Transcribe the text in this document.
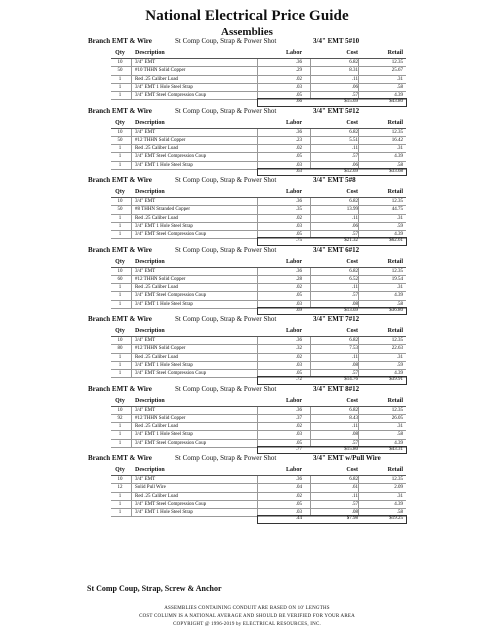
National Electrical Price Guide
Assemblies
Branch EMT & Wire	St Comp Coup, Strap & Power Shot	3/4" EMT 5#10
Qty	Description	Labor	Cost	Retail
10	3/4" EMT	.36	6.82	12.35
50	#10 THHN Solid Copper	.29	8.31	25.67
1	Red .25 Caliber Load	.02	.11	.31
1	3/4" EMT 1 Hole Steel Strap	.03	.06	.58
1	3/4" EMT Steel Compression Coup	.05	.57	4.39
.66	$15.69	$43.80
Branch EMT & Wire	St Comp Coup, Strap & Power Shot	3/4" EMT 5#12
Qty	Description	Labor	Cost	Retail
10	3/4" EMT	.36	6.82	12.35
50	#12 THHN Solid Copper	.23	5.51	16.42
1	Red .25 Caliber Load	.02	.11	.31
1	3/4" EMT Steel Compression Coup	.05	.57	4.39
1	3/4" EMT 1 Hole Steel Strap	.03	.06	.58
.63	$12.69	$33.68
Branch EMT & Wire	St Comp Coup, Strap & Power Shot	3/4" EMT 5#8
Qty	Description	Labor	Cost	Retail
10	3/4" EMT	.36	6.82	12.35
50	#8 THHN Stranded Copper	.35	13.99	44.75
1	Red .25 Caliber Load	.02	.11	.31
1	3/4" EMT 1 Hole Steel Strap	.03	.06	.59
1	3/4" EMT Steel Compression Coup	.05	.57	4.39
.75	$21.32	$62.61
Branch EMT & Wire	St Comp Coup, Strap & Power Shot	3/4" EMT 6#12
Qty	Description	Labor	Cost	Retail
10	3/4" EMT	.36	6.82	12.35
60	#12 THHN Solid Copper	.28	6.52	19.54
1	Red .25 Caliber Load	.02	.11	.31
1	3/4" EMT Steel Compression Coup	.05	.57	4.39
1	3/4" EMT 1 Hole Steel Strap	.03	.08	.58
.69	$13.69	$36.80
Branch EMT & Wire	St Comp Coup, Strap & Power Shot	3/4" EMT 7#12
Qty	Description	Labor	Cost	Retail
10	3/4" EMT	.36	6.82	12.35
80	#12 THHN Solid Copper	.32	7.53	22.63
1	Red .25 Caliber Load	.02	.11	.31
1	3/4" EMT 1 Hole Steel Strap	.03	.08	.59
1	3/4" EMT Steel Compression Coup	.05	.57	4.39
.72	$14.76	$39.91
Branch EMT & Wire	St Comp Coup, Strap & Power Shot	3/4" EMT 8#12
Qty	Description	Labor	Cost	Retail
10	3/4" EMT	.36	6.82	12.35
92	#12 THHN Solid Copper	.37	8.43	26.05
1	Red .25 Caliber Load	.02	.11	.31
1	3/4" EMT 1 Hole Steel Strap	.03	.08	.58
1	3/4" EMT Steel Compression Coup	.05	.57	4.39
.77	$15.80	$43.31
Branch EMT & Wire	St Comp Coup, Strap & Power Shot	3/4" EMT w/Pull Wire
Qty	Description	Labor	Cost	Retail
10	3/4" EMT	.36	6.82	12.35
12	Solid Pull Wire	.04	.61	2.09
1	Red .25 Caliber Load	.02	.11	.31
1	3/4" EMT Steel Compression Coup	.05	.57	4.39
1	3/4" EMT 1 Hole Steel Strap	.03	.08	.58
.44	$7.98	$19.25
St Comp Coup, Strap, Screw & Anchor
ASSEMBLIES CONTAINING CONDUIT ARE BASED ON 10' LENGTHS
COST COLUMN IS A NATIONAL AVERAGE AND SHOULD BE VERIFIED FOR YOUR AREA
COPYRIGHT @ 1996-2019 by ELECTRICAL RESOURCES, INC.
